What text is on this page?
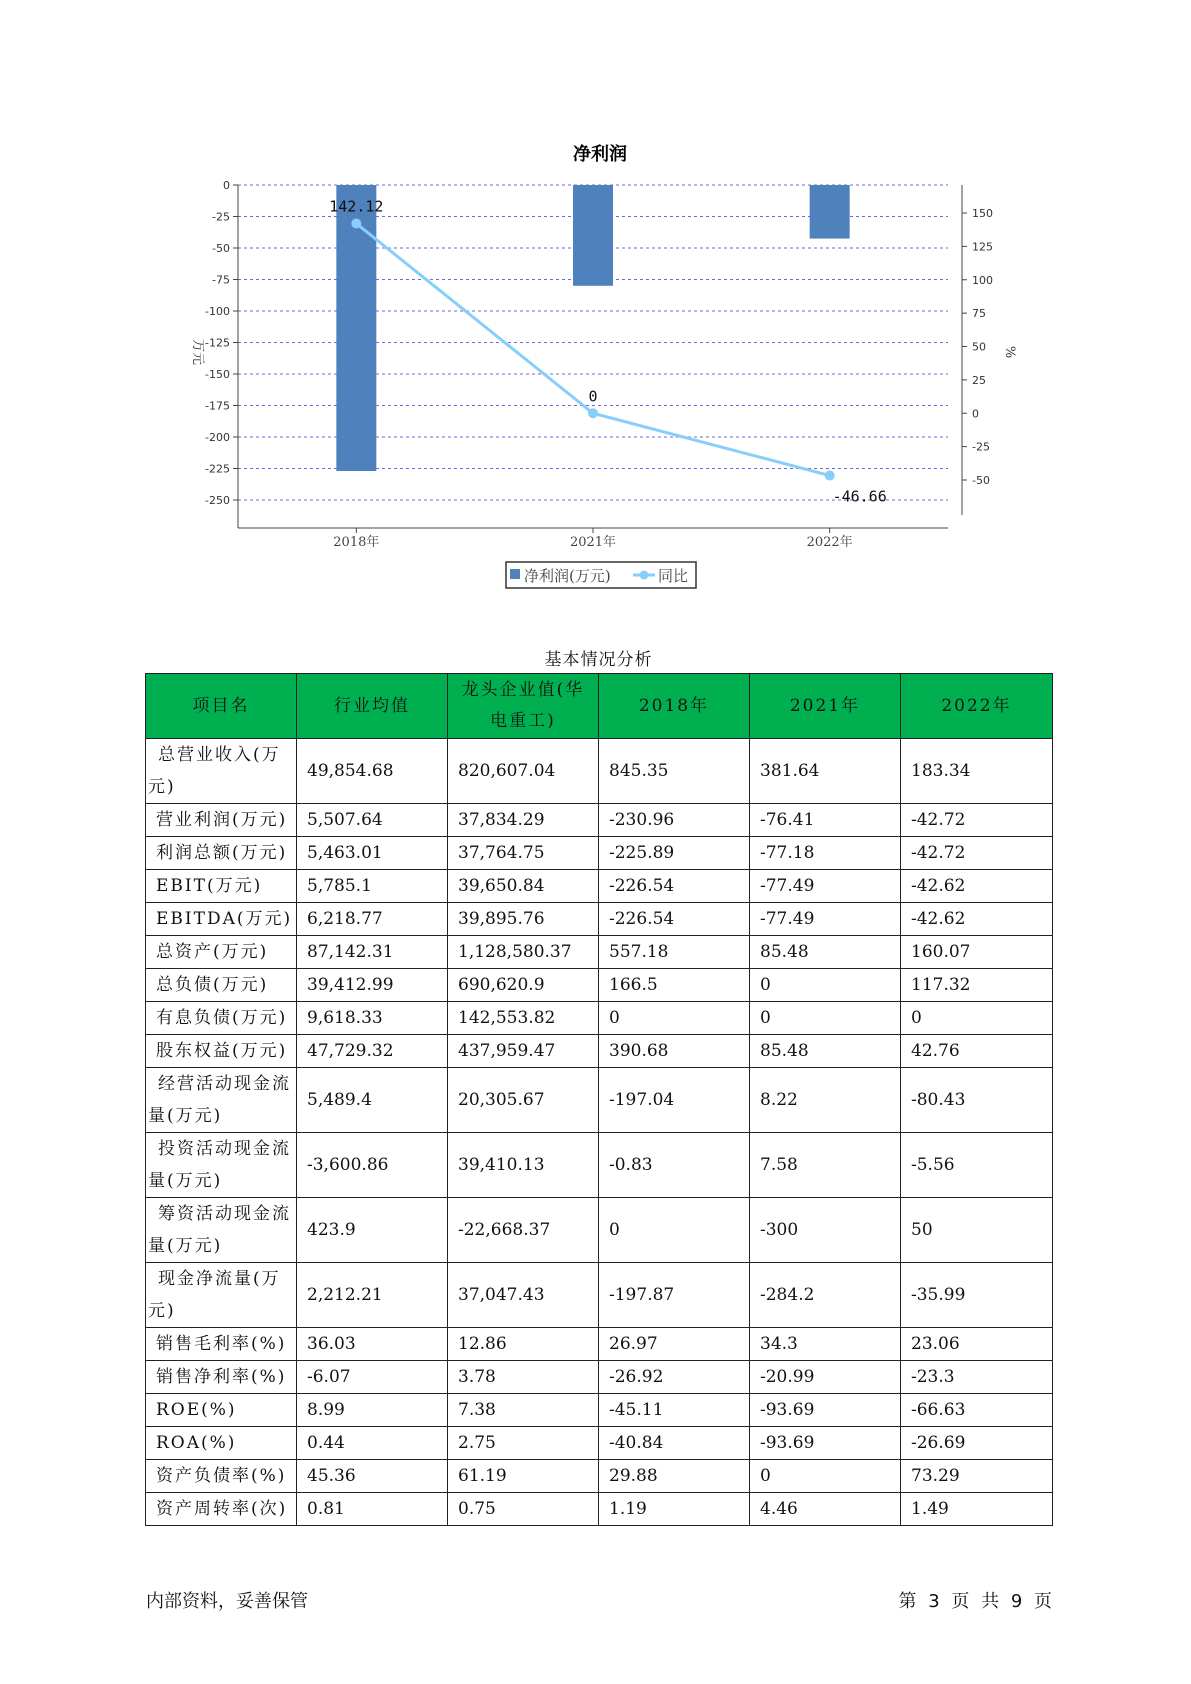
净利润
0
-25
-50
-75
-100
-125
-150
-175
-200
-225
-250
150
125
100
75
50
25
0
-25
-50
142.12
0
-46.66
2018年	2021年	2022年
万元	%
净利润(万元)	同比
基本情况分析
项目名	行业均值	龙头企业值(华电重工)	2018年	2021年	2022年
总营业收入(万元)	49,854.68	820,607.04	845.35	381.64	183.34
营业利润(万元)	5,507.64	37,834.29	-230.96	-76.41	-42.72
利润总额(万元)	5,463.01	37,764.75	-225.89	-77.18	-42.72
EBIT(万元)	5,785.1	39,650.84	-226.54	-77.49	-42.62
EBITDA(万元)	6,218.77	39,895.76	-226.54	-77.49	-42.62
总资产(万元)	87,142.31	1,128,580.37	557.18	85.48	160.07
总负债(万元)	39,412.99	690,620.9	166.5	0	117.32
有息负债(万元)	9,618.33	142,553.82	0	0	0
股东权益(万元)	47,729.32	437,959.47	390.68	85.48	42.76
经营活动现金流量(万元)	5,489.4	20,305.67	-197.04	8.22	-80.43
投资活动现金流量(万元)	-3,600.86	39,410.13	-0.83	7.58	-5.56
筹资活动现金流量(万元)	423.9	-22,668.37	0	-300	50
现金净流量(万元)	2,212.21	37,047.43	-197.87	-284.2	-35.99
销售毛利率(%)	36.03	12.86	26.97	34.3	23.06
销售净利率(%)	-6.07	3.78	-26.92	-20.99	-23.3
ROE(%)	8.99	7.38	-45.11	-93.69	-66.63
ROA(%)	0.44	2.75	-40.84	-93.69	-26.69
资产负债率(%)	45.36	61.19	29.88	0	73.29
资产周转率(次)	0.81	0.75	1.19	4.46	1.49
内部资料，妥善保管	第 3 页 共 9 页
